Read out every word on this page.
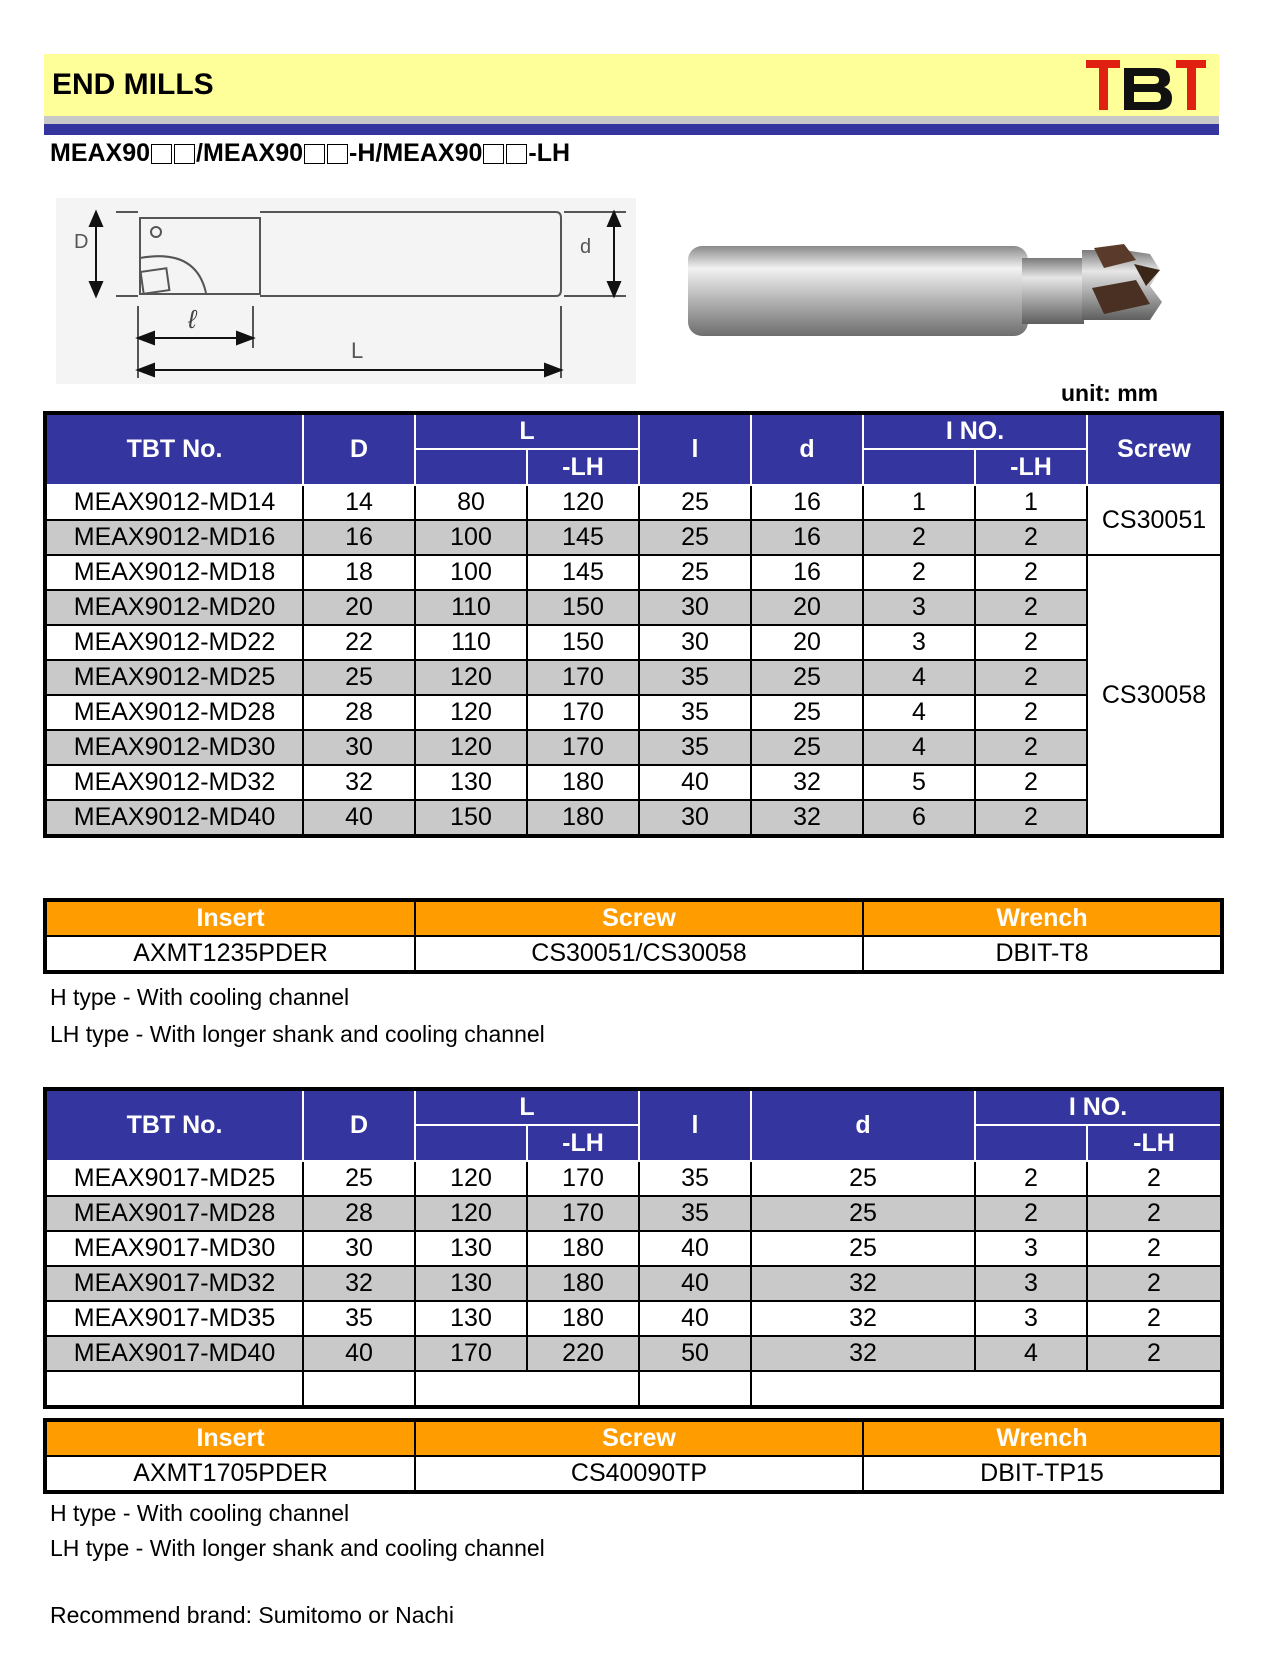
END MILLS
MEAX90 /MEAX90 -H/MEAX90 -LH
D	d
ℓ
L
unit: mm
TBT No.	D	L		l	d	I NO.		Screw
			-LH				-LH	
MEAX9012-MD14	14	80	120	25	16	1	1	CS30051
MEAX9012-MD16	16	100	145	25	16	2	2	
MEAX9012-MD18	18	100	145	25	16	2	2	CS30058
MEAX9012-MD20	20	110	150	30	20	3	2	
MEAX9012-MD22	22	110	150	30	20	3	2	
MEAX9012-MD25	25	120	170	35	25	4	2	
MEAX9012-MD28	28	120	170	35	25	4	2	
MEAX9012-MD30	30	120	170	35	25	4	2	
MEAX9012-MD32	32	130	180	40	32	5	2	
MEAX9012-MD40	40	150	180	30	32	6	2	
Insert	Screw	Wrench
AXMT1235PDER	CS30051/CS30058	DBIT-T8
H type - With cooling channel
LH type - With longer shank and cooling channel
TBT No.	D	L		l	d	I NO.	
			-LH				-LH
MEAX9017-MD25	25	120	170	35	25	2	2
MEAX9017-MD28	28	120	170	35	25	2	2
MEAX9017-MD30	30	130	180	40	25	3	2
MEAX9017-MD32	32	130	180	40	32	3	2
MEAX9017-MD35	35	130	180	40	32	3	2
MEAX9017-MD40	40	170	220	50	32	4	2

Insert	Screw	Wrench
AXMT1705PDER	CS40090TP	DBIT-TP15
H type - With cooling channel
LH type - With longer shank and cooling channel
Recommend brand: Sumitomo or Nachi
